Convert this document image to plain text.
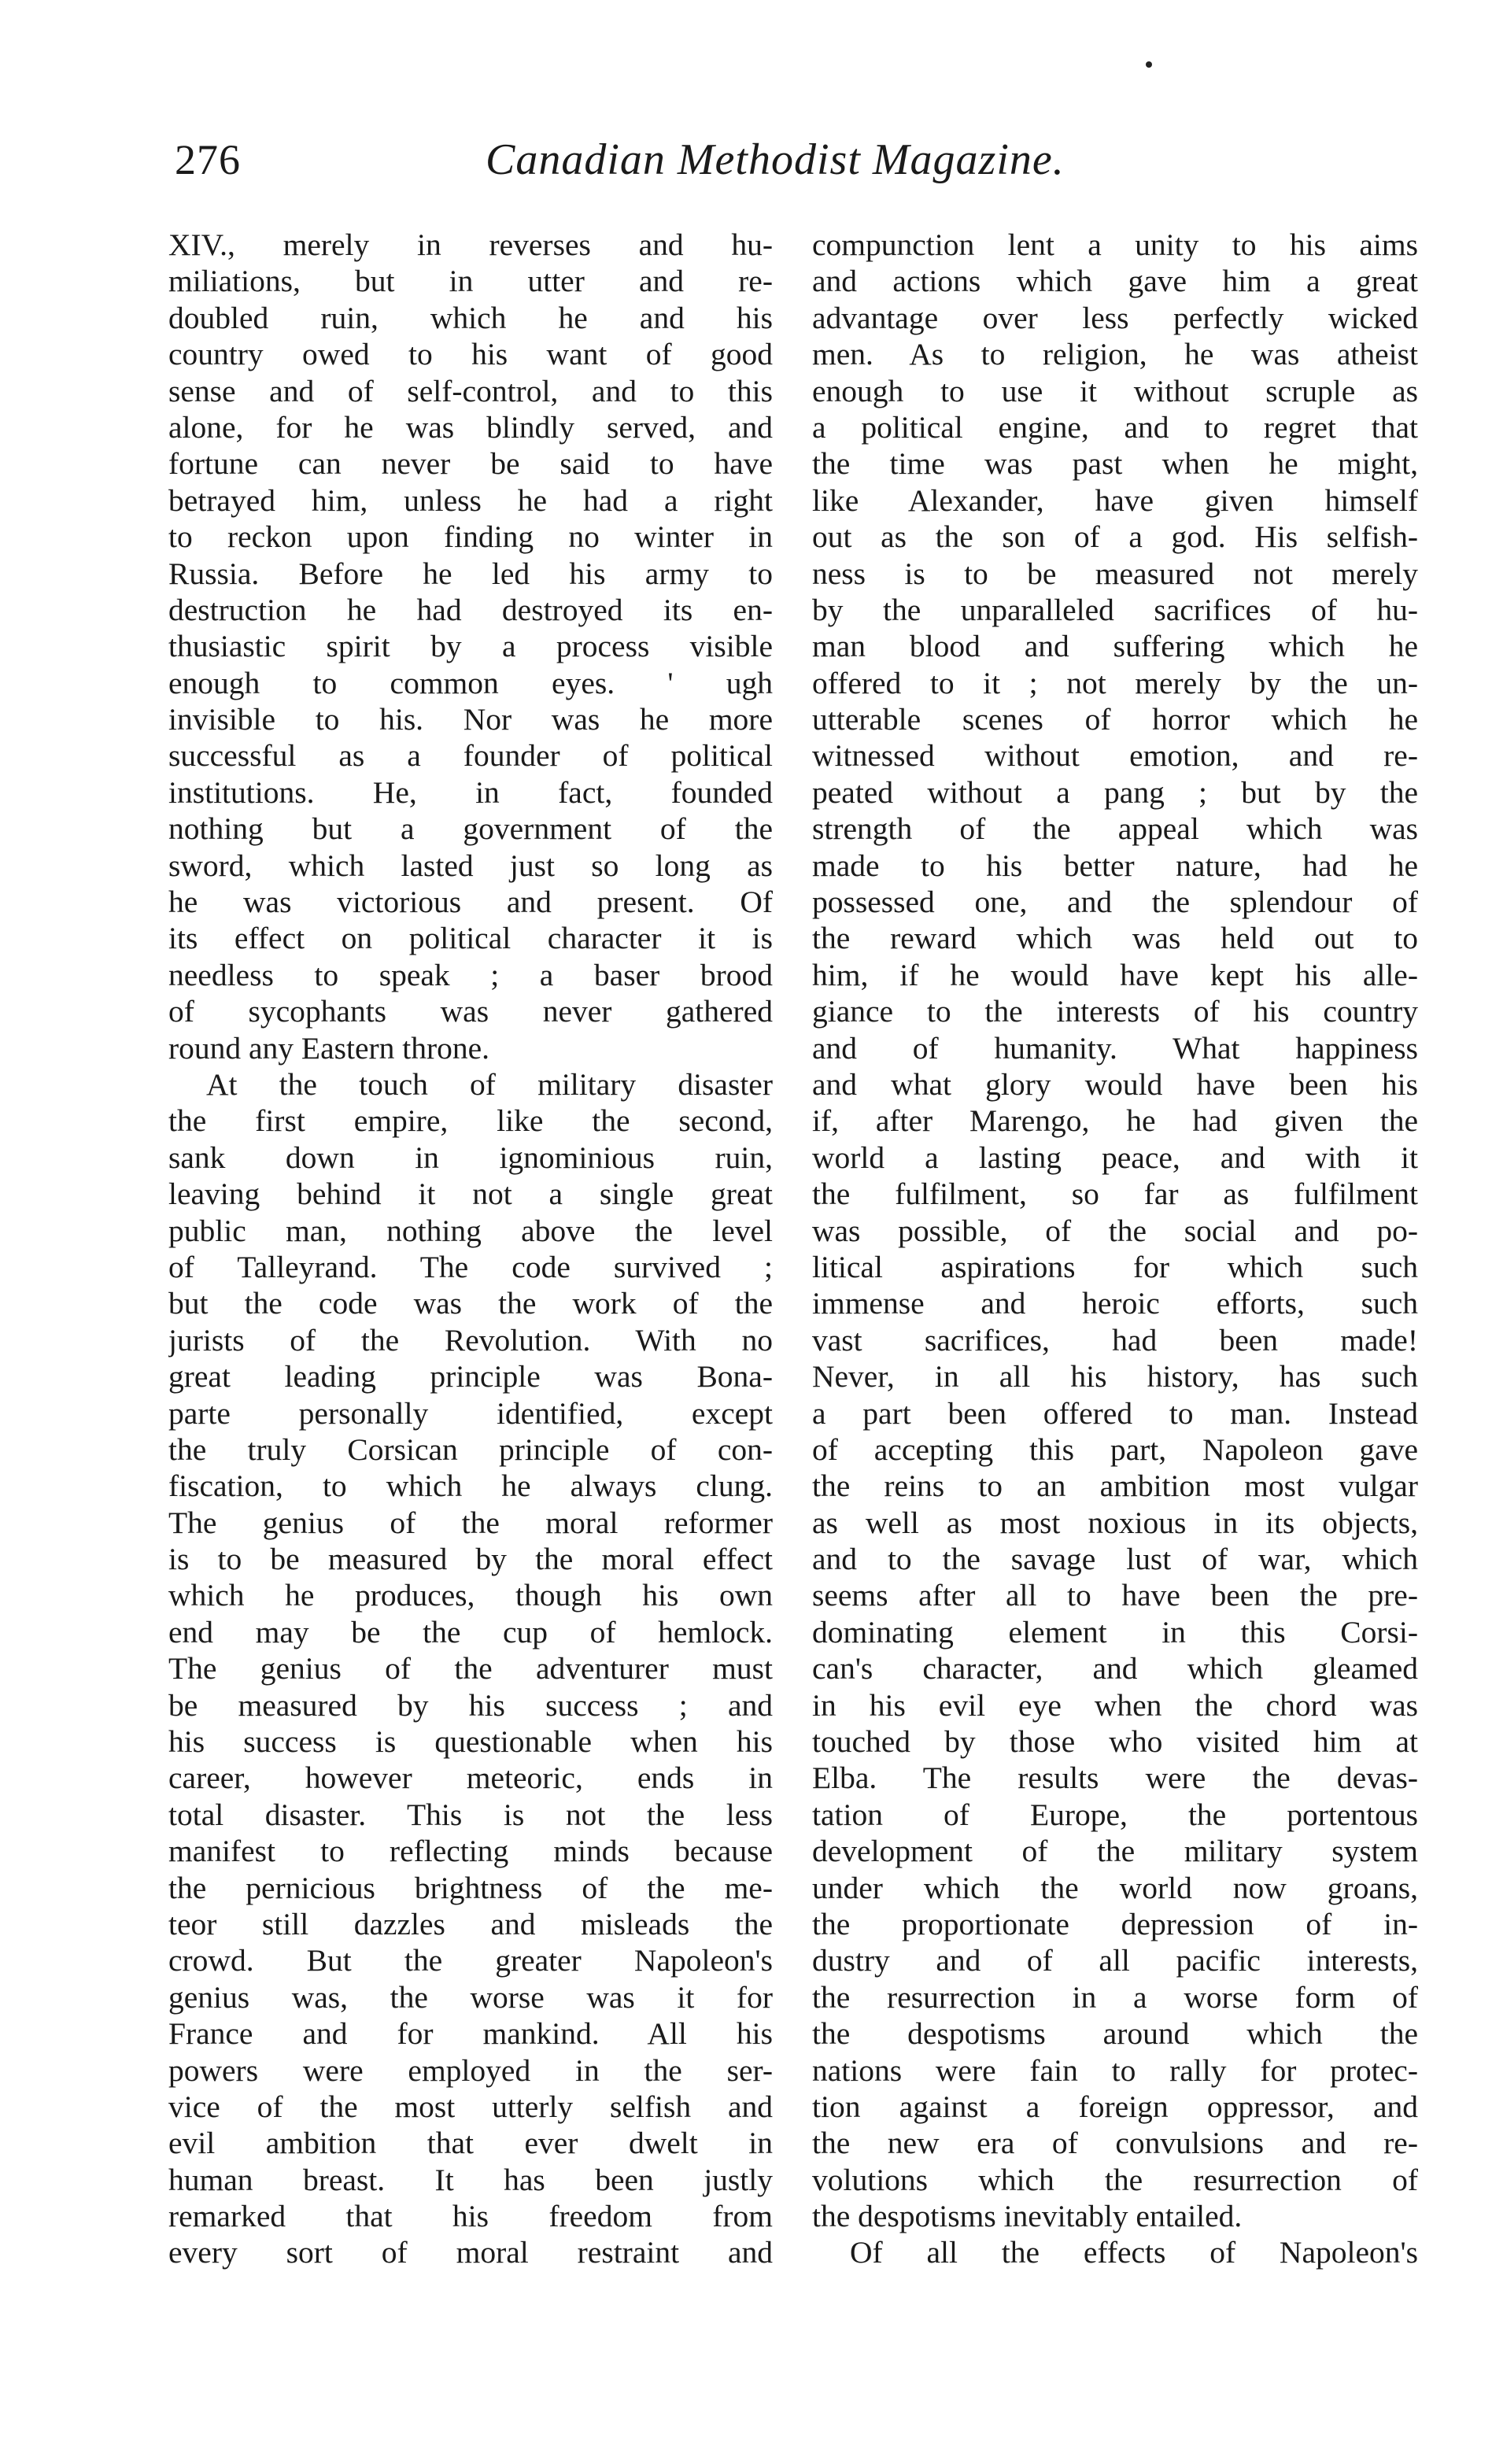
276	Canadian Methodist Magazine.
XIV., merely in reverses and hu-
miliations, but in utter and re-
doubled ruin, which he and his
country owed to his want of good
sense and of self-control, and to this
alone, for he was blindly served, and
fortune can never be said to have
betrayed him, unless he had a right
to reckon upon finding no winter in
Russia. Before he led his army to
destruction he had destroyed its en-
thusiastic spirit by a process visible
enough to common eyes. ' ugh
invisible to his. Nor was he more
successful as a founder of political
institutions. He, in fact, founded
nothing but a government of the
sword, which lasted just so long as
he was victorious and present. Of
its effect on political character it is
needless to speak ; a baser brood
of sycophants was never gathered
round any Eastern throne.
At the touch of military disaster
the first empire, like the second,
sank down in ignominious ruin,
leaving behind it not a single great
public man, nothing above the level
of Talleyrand. The code survived ;
but the code was the work of the
jurists of the Revolution. With no
great leading principle was Bona-
parte personally identified, except
the truly Corsican principle of con-
fiscation, to which he always clung.
The genius of the moral reformer
is to be measured by the moral effect
which he produces, though his own
end may be the cup of hemlock.
The genius of the adventurer must
be measured by his success ; and
his success is questionable when his
career, however meteoric, ends in
total disaster. This is not the less
manifest to reflecting minds because
the pernicious brightness of the me-
teor still dazzles and misleads the
crowd. But the greater Napoleon's
genius was, the worse was it for
France and for mankind. All his
powers were employed in the ser-
vice of the most utterly selfish and
evil ambition that ever dwelt in
human breast. It has been justly
remarked that his freedom from
every sort of moral restraint and
compunction lent a unity to his aims
and actions which gave him a great
advantage over less perfectly wicked
men. As to religion, he was atheist
enough to use it without scruple as
a political engine, and to regret that
the time was past when he might,
like Alexander, have given himself
out as the son of a god. His selfish-
ness is to be measured not merely
by the unparalleled sacrifices of hu-
man blood and suffering which he
offered to it ; not merely by the un-
utterable scenes of horror which he
witnessed without emotion, and re-
peated without a pang ; but by the
strength of the appeal which was
made to his better nature, had he
possessed one, and the splendour of
the reward which was held out to
him, if he would have kept his alle-
giance to the interests of his country
and of humanity. What happiness
and what glory would have been his
if, after Marengo, he had given the
world a lasting peace, and with it
the fulfilment, so far as fulfilment
was possible, of the social and po-
litical aspirations for which such
immense and heroic efforts, such
vast sacrifices, had been made!
Never, in all his history, has such
a part been offered to man. Instead
of accepting this part, Napoleon gave
the reins to an ambition most vulgar
as well as most noxious in its objects,
and to the savage lust of war, which
seems after all to have been the pre-
dominating element in this Corsi-
can's character, and which gleamed
in his evil eye when the chord was
touched by those who visited him at
Elba. The results were the devas-
tation of Europe, the portentous
development of the military system
under which the world now groans,
the proportionate depression of in-
dustry and of all pacific interests,
the resurrection in a worse form of
the despotisms around which the
nations were fain to rally for protec-
tion against a foreign oppressor, and
the new era of convulsions and re-
volutions which the resurrection of
the despotisms inevitably entailed.
Of all the effects of Napoleon's
